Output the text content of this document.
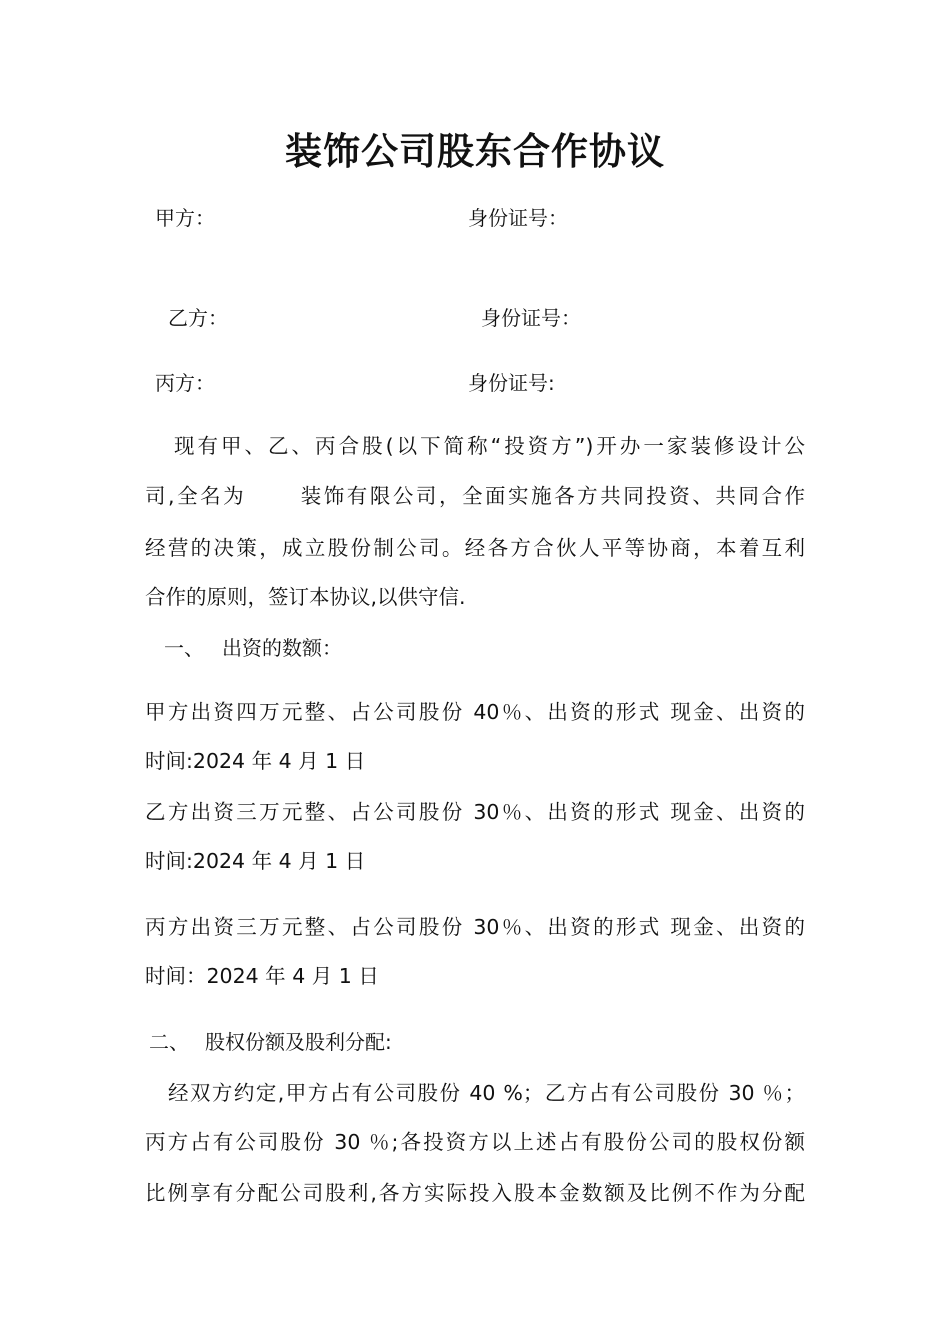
装饰公司股东合作协议
甲方：	身份证号：
乙方：	身份证号：
丙方：	身份证号:
现有甲、乙、丙合股(以下简称“投资方”)开办一家装修设计公
司,全名为	装饰有限公司，全面实施各方共同投资、共同合作
经营的决策，成立股份制公司。经各方合伙人平等协商，本着互利
合作的原则，签订本协议,以供守信.
一、 出资的数额：
甲方出资四万元整、占公司股份 40％、出资的形式 现金、出资的
时间:2024 年 4 月 1 日
乙方出资三万元整、占公司股份 30％、出资的形式 现金、出资的
时间:2024 年 4 月 1 日
丙方出资三万元整、占公司股份 30％、出资的形式 现金、出资的
时间：2024 年 4 月 1 日
二、 股权份额及股利分配:
经双方约定,甲方占有公司股份 40 %；乙方占有公司股份 30 ％；
丙方占有公司股份 30 ％;各投资方以上述占有股份公司的股权份额
比例享有分配公司股利,各方实际投入股本金数额及比例不作为分配
